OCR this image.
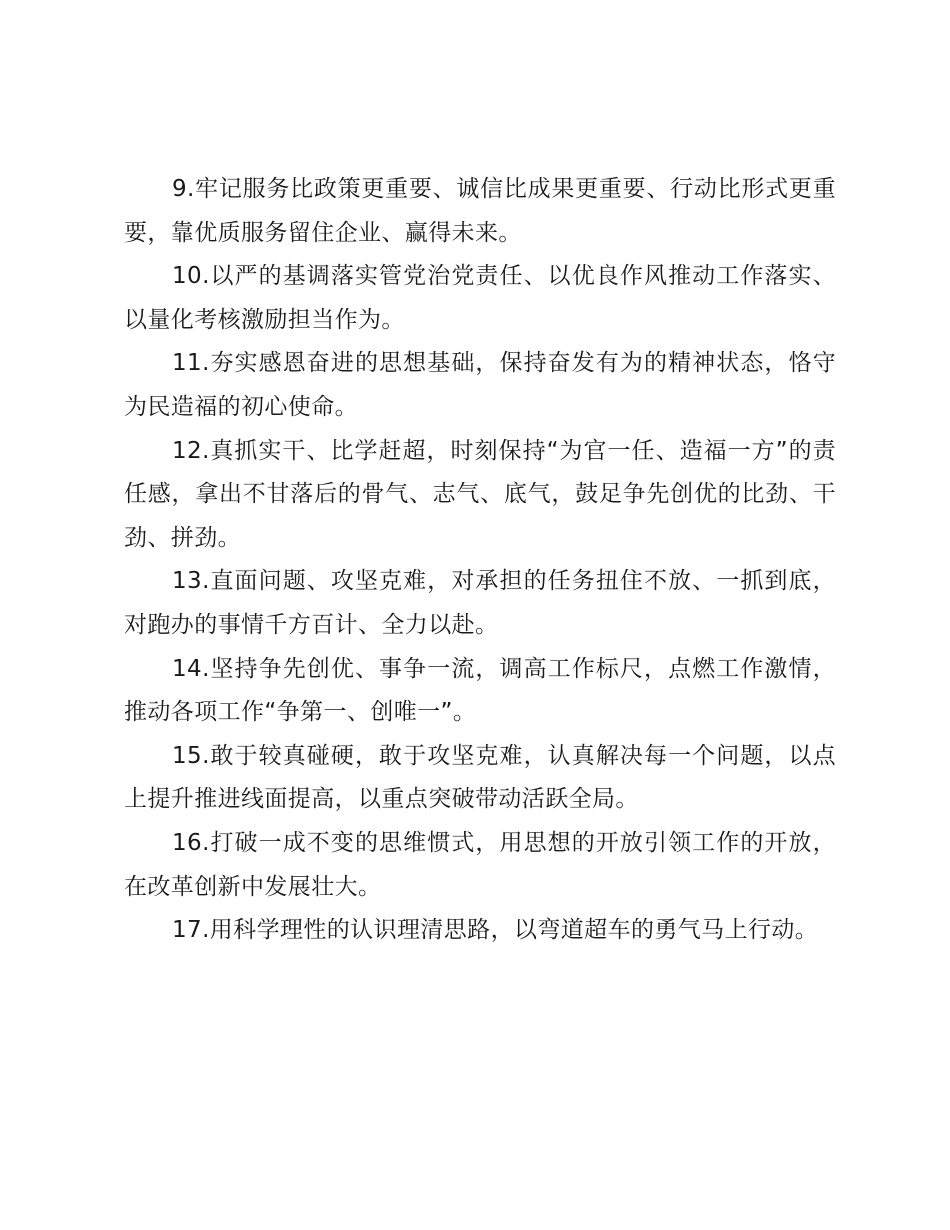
9.牢记服务比政策更重要、诚信比成果更重要、行动比形式更重要，靠优质服务留住企业、赢得未来。

10.以严的基调落实管党治党责任、以优良作风推动工作落实、以量化考核激励担当作为。

11.夯实感恩奋进的思想基础，保持奋发有为的精神状态，恪守为民造福的初心使命。

12.真抓实干、比学赶超，时刻保持“为官一任、造福一方”的责任感，拿出不甘落后的骨气、志气、底气，鼓足争先创优的比劲、干劲、拼劲。

13.直面问题、攻坚克难，对承担的任务扭住不放、一抓到底，对跑办的事情千方百计、全力以赴。

14.坚持争先创优、事争一流，调高工作标尺，点燃工作激情，推动各项工作“争第一、创唯一”。

15.敢于较真碰硬，敢于攻坚克难，认真解决每一个问题，以点上提升推进线面提高，以重点突破带动活跃全局。

16.打破一成不变的思维惯式，用思想的开放引领工作的开放，在改革创新中发展壮大。

17.用科学理性的认识理清思路，以弯道超车的勇气马上行动。
